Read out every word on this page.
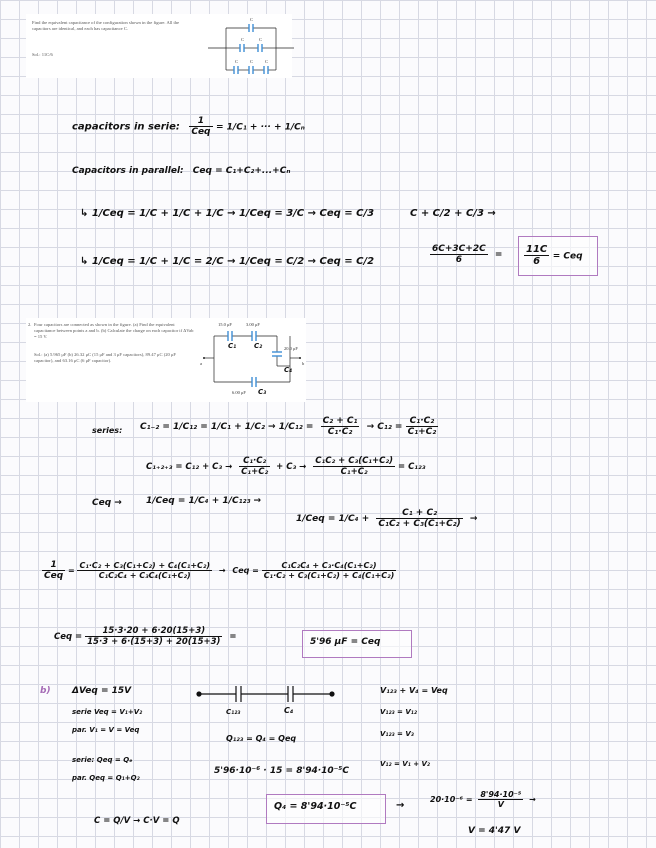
Find the equivalent capacitance of the configuration shown in the figure. All the capacitors are identical, and each has capacitance C.
Sol.: 11C/6
C
C	C
C	C	C
capacitors in serie:
1
Ceq = 1/C₁ + ··· + 1/Cₙ
Capacitors in parallel: Ceq = C₁+C₂+...+Cₙ
↳ 1/Ceq = 1/C + 1/C + 1/C → 1/Ceq = 3/C → Ceq = C/3	C + C/2 + C/3 →
↳ 1/Ceq = 1/C + 1/C = 2/C → 1/Ceq = C/2 → Ceq = C/2	$\frac{6C+3C+2C}{6} = \frac{11C}{6}$ = Ceq
2. Four capacitors are connected as shown in the figure. (a) Find the equivalent capacitance between points a and b. (b) Calculate the charge on each capacitor if ΔVab = 15 V.
Sol.: (a) 5.965 μF (b) 26.32 μC (15 μF and 3 μF capacitors), 89.47 μC (20 μF capacitor), and 63.16 μC (6 μF capacitor).
15.0 μF	3.00 μF
20.0 μF
6.00 μF
a	b
C₁	C₂
C₄
C₃
series: $C_{1-2} = 1/C_{12} = 1/C_1 + 1/C_2 \to 1/C_{12} = \frac{\text{C₂ + C₁}}{\text{C₁·C₂}} \to C_{12} = \frac{\text{C₁·C₂}}{\text{C₁+C₂}}$
$C_{1+2+3} = C_{12} + C_3 \to \frac{\text{C₁·C₂}}{\text{C₁+C₂}} + C_3 \to \frac{\text{C₁C₂ + C₃(C₁+C₂)}}{\text{C₁+C₂}} = C_{123}$
Ceq →	1/Ceq = 1/C₄ + 1/C₁₂₃ →
$1/Ceq = 1/C_4 + \frac{\text{C₁ + C₂}}{\text{C₁C₂ + C₃(C₁+C₂)}}$ →
1
Ceq
= $\frac{\text{C₁·C₂ + C₃(C₁+C₂) + C₄(C₁+C₂)}}{\text{C₁C₂C₄ + C₃C₄(C₁+C₂)}}$ → Ceq = $\frac{\text{C₁C₂C₄ + C₃·C₄(C₁+C₂)}}{\text{C₁·C₂ + C₃(C₁+C₂) + C₄(C₁+C₂)}}$
Ceq = $\frac{15\cdot 3\cdot 20 + 6\cdot 20(15+3)}{15\cdot 3 + 6\cdot(15+3) + 20(15+3)}$ =	5'96 μF = Ceq
b) ΔVeq = 15V
serie Veq = V₁+V₂
par. V₁ = V = Veq
serie: Qeq = Qₑ
par. Qeq = Q₁+Q₂
C = Q/V → C·V = Q
C₁₂₃	C₄
Q₁₂₃ = Q₄ = Qeq
5'96·10⁻⁶ · 15 = 8'94·10⁻⁵C
V₁₂₃ + V₄ = Veq
V₁₂₃ = V₁₂
V₁₂₃ = V₃
V₁₂ = V₁ + V₂
Q₄ = 8'94·10⁻⁵C	→
$20\cdot 10^{-6} = \frac{\text{8'94·10⁻⁵}}{V}$ →
V = 4'47 V
